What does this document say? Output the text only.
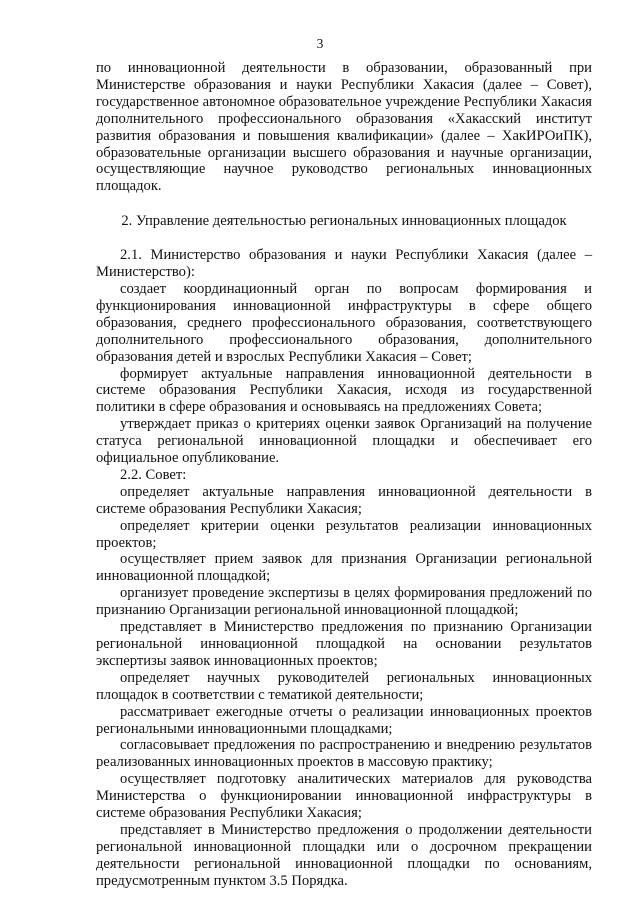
3

по инновационной деятельности в образовании, образованный при Министерстве образования и науки Республики Хакасия (далее – Совет), государственное автономное образовательное учреждение Республики Хакасия дополнительного профессионального образования «Хакасский институт развития образования и повышения квалификации» (далее – ХакИРОиПК), образовательные организации высшего образования и научные организации, осуществляющие научное руководство региональных инновационных площадок.

2. Управление деятельностью региональных инновационных площадок

2.1. Министерство образования и науки Республики Хакасия (далее – Министерство):

создает координационный орган по вопросам формирования и функционирования инновационной инфраструктуры в сфере общего образования, среднего профессионального образования, соответствующего дополнительного профессионального образования, дополнительного образования детей и взрослых Республики Хакасия – Совет;

формирует актуальные направления инновационной деятельности в системе образования Республики Хакасия, исходя из государственной политики в сфере образования и основываясь на предложениях Совета;

утверждает приказ о критериях оценки заявок Организаций на получение статуса региональной инновационной площадки и обеспечивает его официальное опубликование.

2.2. Совет:

определяет актуальные направления инновационной деятельности в системе образования Республики Хакасия;

определяет критерии оценки результатов реализации инновационных проектов;

осуществляет прием заявок для признания Организации региональной инновационной площадкой;

организует проведение экспертизы в целях формирования предложений по признанию Организации региональной инновационной площадкой;

представляет в Министерство предложения по признанию Организации региональной инновационной площадкой на основании результатов экспертизы заявок инновационных проектов;

определяет научных руководителей региональных инновационных площадок в соответствии с тематикой деятельности;

рассматривает ежегодные отчеты о реализации инновационных проектов региональными инновационными площадками;

согласовывает предложения по распространению и внедрению результатов реализованных инновационных проектов в массовую практику;

осуществляет подготовку аналитических материалов для руководства Министерства о функционировании инновационной инфраструктуры в системе образования Республики Хакасия;

представляет в Министерство предложения о продолжении деятельности региональной инновационной площадки или о досрочном прекращении деятельности региональной инновационной площадки по основаниям, предусмотренным пунктом 3.5 Порядка.
